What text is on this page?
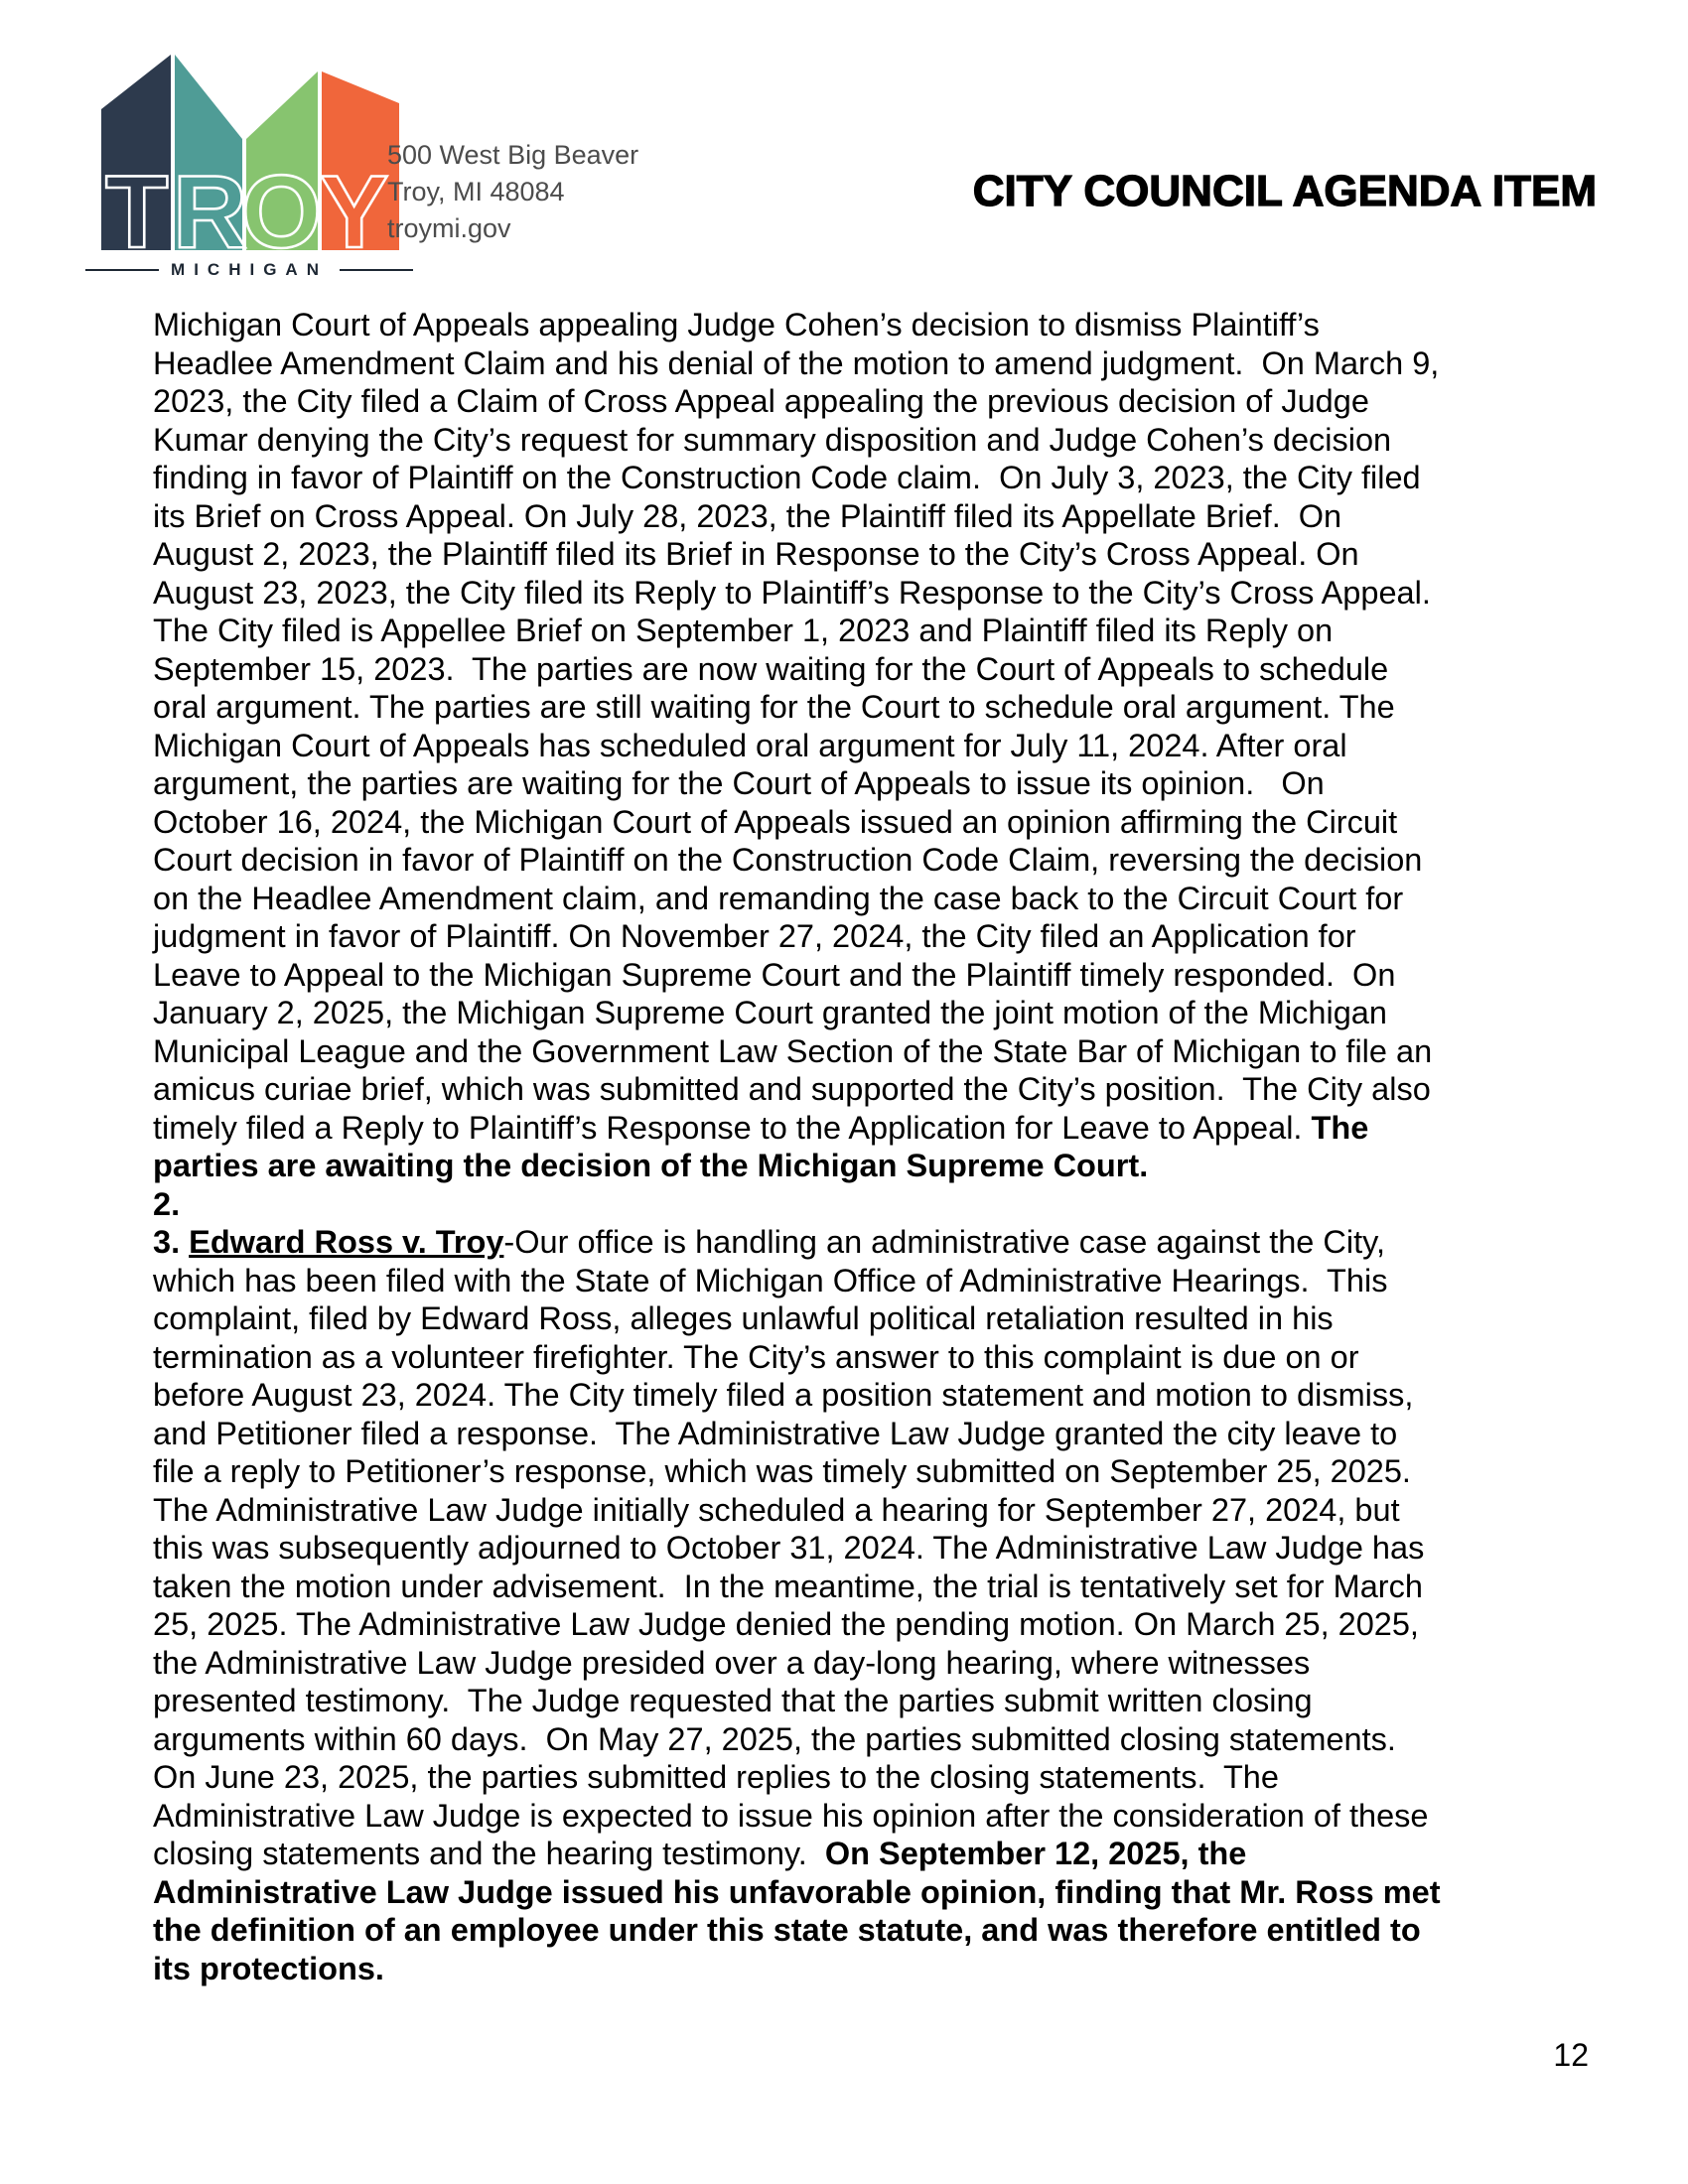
T R
O
Y
MICHIGAN
500 West Big Beaver
Troy, MI 48084
troymi.gov
CITY COUNCIL AGENDA ITEM
Michigan Court of Appeals appealing Judge Cohen’s decision to dismiss Plaintiff’s
Headlee Amendment Claim and his denial of the motion to amend judgment.  On March 9,
2023, the City filed a Claim of Cross Appeal appealing the previous decision of Judge
Kumar denying the City’s request for summary disposition and Judge Cohen’s decision
finding in favor of Plaintiff on the Construction Code claim.  On July 3, 2023, the City filed
its Brief on Cross Appeal. On July 28, 2023, the Plaintiff filed its Appellate Brief.  On
August 2, 2023, the Plaintiff filed its Brief in Response to the City’s Cross Appeal. On
August 23, 2023, the City filed its Reply to Plaintiff’s Response to the City’s Cross Appeal.
The City filed is Appellee Brief on September 1, 2023 and Plaintiff filed its Reply on
September 15, 2023.  The parties are now waiting for the Court of Appeals to schedule
oral argument. The parties are still waiting for the Court to schedule oral argument. The
Michigan Court of Appeals has scheduled oral argument for July 11, 2024. After oral
argument, the parties are waiting for the Court of Appeals to issue its opinion.   On
October 16, 2024, the Michigan Court of Appeals issued an opinion affirming the Circuit
Court decision in favor of Plaintiff on the Construction Code Claim, reversing the decision
on the Headlee Amendment claim, and remanding the case back to the Circuit Court for
judgment in favor of Plaintiff. On November 27, 2024, the City filed an Application for
Leave to Appeal to the Michigan Supreme Court and the Plaintiff timely responded.  On
January 2, 2025, the Michigan Supreme Court granted the joint motion of the Michigan
Municipal League and the Government Law Section of the State Bar of Michigan to file an
amicus curiae brief, which was submitted and supported the City’s position.  The City also
timely filed a Reply to Plaintiff’s Response to the Application for Leave to Appeal. The
parties are awaiting the decision of the Michigan Supreme Court.
2.
3. Edward Ross v. Troy-Our office is handling an administrative case against the City,
which has been filed with the State of Michigan Office of Administrative Hearings.  This
complaint, filed by Edward Ross, alleges unlawful political retaliation resulted in his
termination as a volunteer firefighter. The City’s answer to this complaint is due on or
before August 23, 2024. The City timely filed a position statement and motion to dismiss,
and Petitioner filed a response.  The Administrative Law Judge granted the city leave to
file a reply to Petitioner’s response, which was timely submitted on September 25, 2025.
The Administrative Law Judge initially scheduled a hearing for September 27, 2024, but
this was subsequently adjourned to October 31, 2024. The Administrative Law Judge has
taken the motion under advisement.  In the meantime, the trial is tentatively set for March
25, 2025. The Administrative Law Judge denied the pending motion. On March 25, 2025,
the Administrative Law Judge presided over a day-long hearing, where witnesses
presented testimony.  The Judge requested that the parties submit written closing
arguments within 60 days.  On May 27, 2025, the parties submitted closing statements.
On June 23, 2025, the parties submitted replies to the closing statements.  The
Administrative Law Judge is expected to issue his opinion after the consideration of these
closing statements and the hearing testimony.  On September 12, 2025, the
Administrative Law Judge issued his unfavorable opinion, finding that Mr. Ross met
the definition of an employee under this state statute, and was therefore entitled to
its protections.
12
